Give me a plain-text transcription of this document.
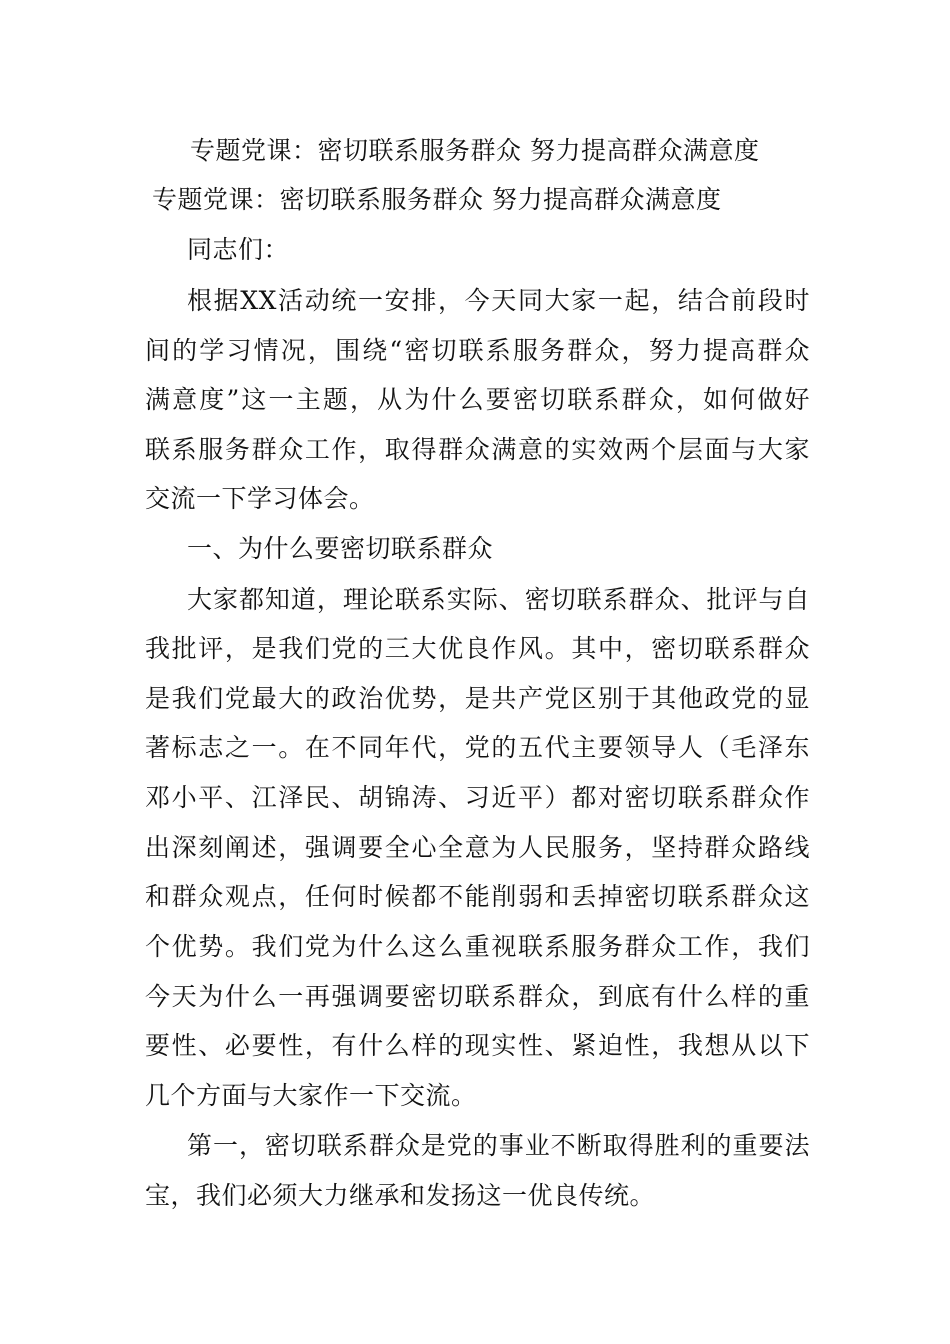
专题党课：密切联系服务群众 努力提高群众满意度
专题党课：密切联系服务群众 努力提高群众满意度
同志们：
根据XX活动统一安排，今天同大家一起，结合前段时
间的学习情况，围绕“密切联系服务群众，努力提高群众
满意度”这一主题，从为什么要密切联系群众，如何做好
联系服务群众工作，取得群众满意的实效两个层面与大家
交流一下学习体会。
一、为什么要密切联系群众
大家都知道，理论联系实际、密切联系群众、批评与自
我批评，是我们党的三大优良作风。其中，密切联系群众
是我们党最大的政治优势，是共产党区别于其他政党的显
著标志之一。在不同年代，党的五代主要领导人（毛泽东
邓小平、江泽民、胡锦涛、习近平）都对密切联系群众作
出深刻阐述，强调要全心全意为人民服务，坚持群众路线
和群众观点，任何时候都不能削弱和丢掉密切联系群众这
个优势。我们党为什么这么重视联系服务群众工作，我们
今天为什么一再强调要密切联系群众，到底有什么样的重
要性、必要性，有什么样的现实性、紧迫性，我想从以下
几个方面与大家作一下交流。
第一，密切联系群众是党的事业不断取得胜利的重要法
宝，我们必须大力继承和发扬这一优良传统。
